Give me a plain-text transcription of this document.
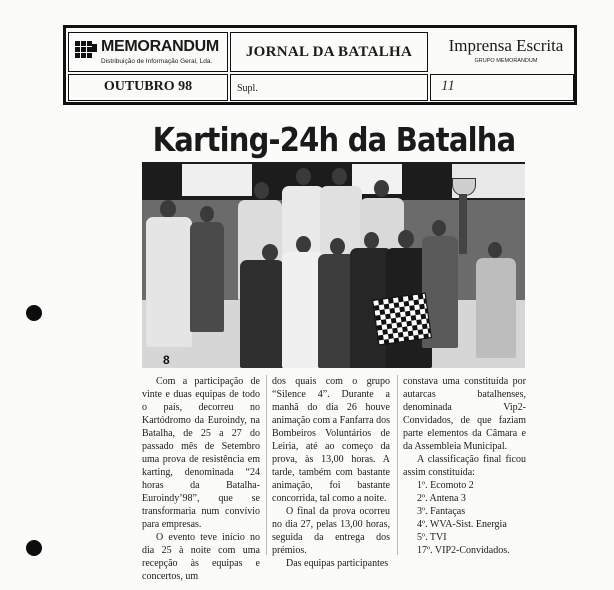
MEMORANDUM
Distribuição de Informação Geral, Lda.
JORNAL DA BATALHA	Imprensa Escrita
GRUPO MEMORANDUM
OUTUBRO 98	Supl.	11
Karting-24h da Batalha
8

Com a participação de vinte e duas equipas de todo o país, decorreu no Kartódromo da Euroindy, na Batalha, de 25 a 27 do passado mês de Setembro uma prova de resistência em karting, denominada “24 horas da Batalha-Euroindy’98”, que se transformaria num convívio para empresas.

O evento teve início no dia 25 à noite com uma recepção às equipas e concertos, um

dos quais com o grupo “Silence 4”. Durante a manhã do dia 26 houve animação com a Fanfarra dos Bombeiros Voluntários de Leiria, até ao começo da prova, às 13,00 horas. A tarde, também com bastante animação, foi bastante concorrida, tal como a noite.

O final da prova ocorreu no dia 27, pelas 13,00 horas, seguida da entrega dos prémios.

Das equipas participantes

constava uma constituída por autarcas batalhenses, denominada Vip2-Convidados, de que faziam parte elementos da Câmara e da Assembleia Municipal.

A classificação final ficou assim constituída:

1º. Ecomoto 2

2º. Antena 3

3º. Fantaças

4º. WVA-Sist. Energia

5º. TVI

17º. VIP2-Convidados.
